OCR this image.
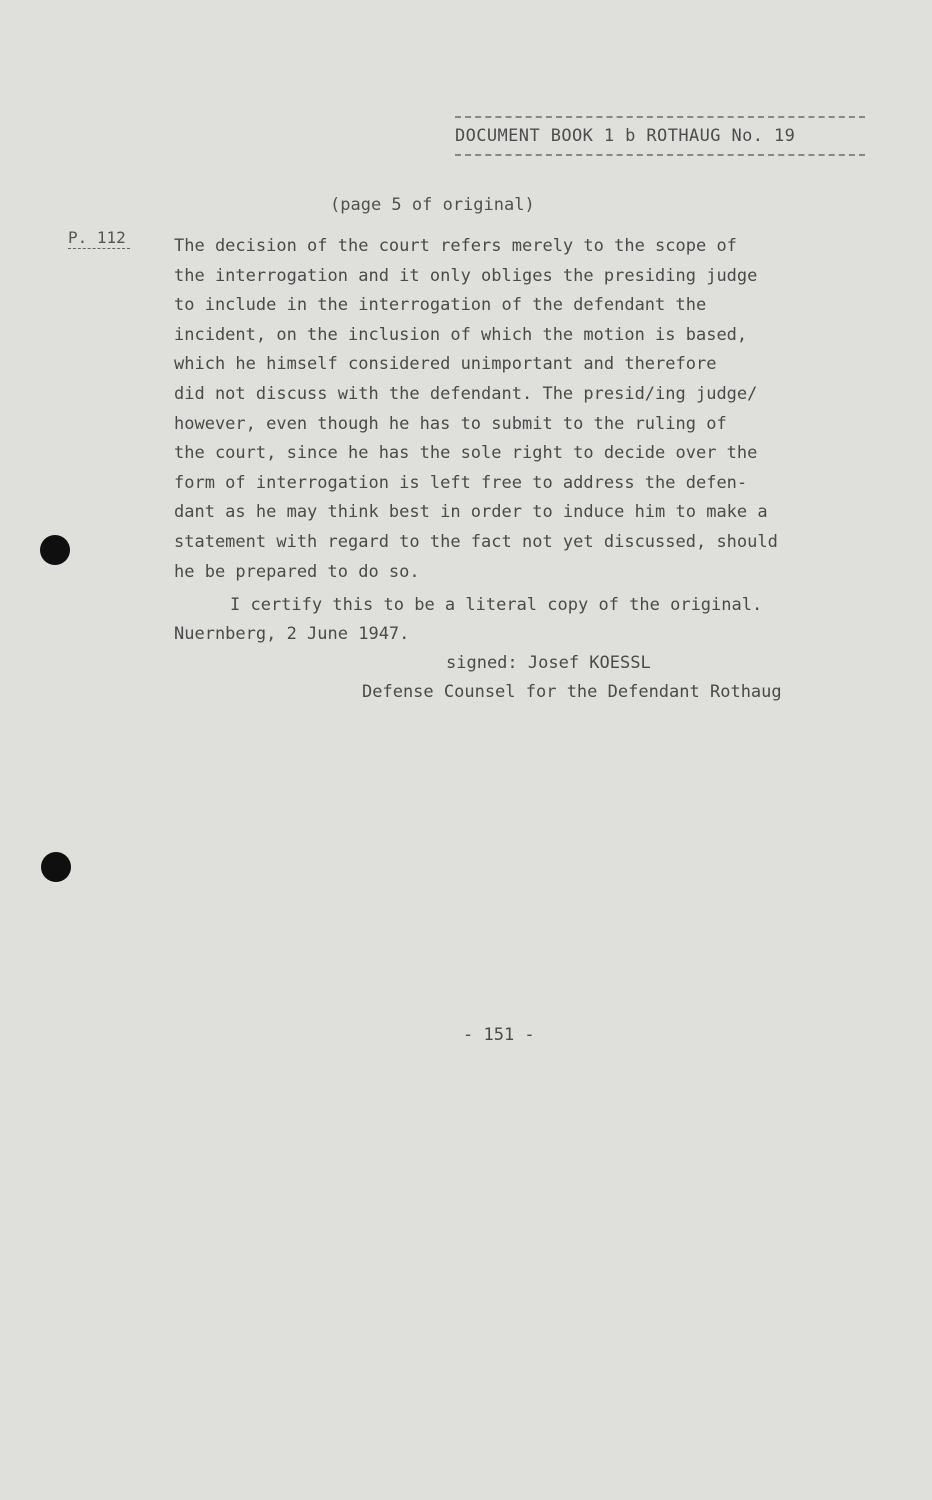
DOCUMENT BOOK 1 b ROTHAUG No. 19
(page 5 of original)
P. 112	The decision of the court refers merely to the scope of
the interrogation and it only obliges the presiding judge
to include in the interrogation of the defendant the
incident, on the inclusion of which the motion is based,
which he himself considered unimportant and therefore
did not discuss with the defendant. The presid/ing judge/
however, even though he has to submit to the ruling of
the court, since he has the sole right to decide over the
form of interrogation is left free to address the defen-
dant as he may think best in order to induce him to make a
statement with regard to the fact not yet discussed, should
he be prepared to do so.
I certify this to be a literal copy of the original.
Nuernberg, 2 June 1947.
signed: Josef KOESSL
Defense Counsel for the Defendant Rothaug
- 151 -
